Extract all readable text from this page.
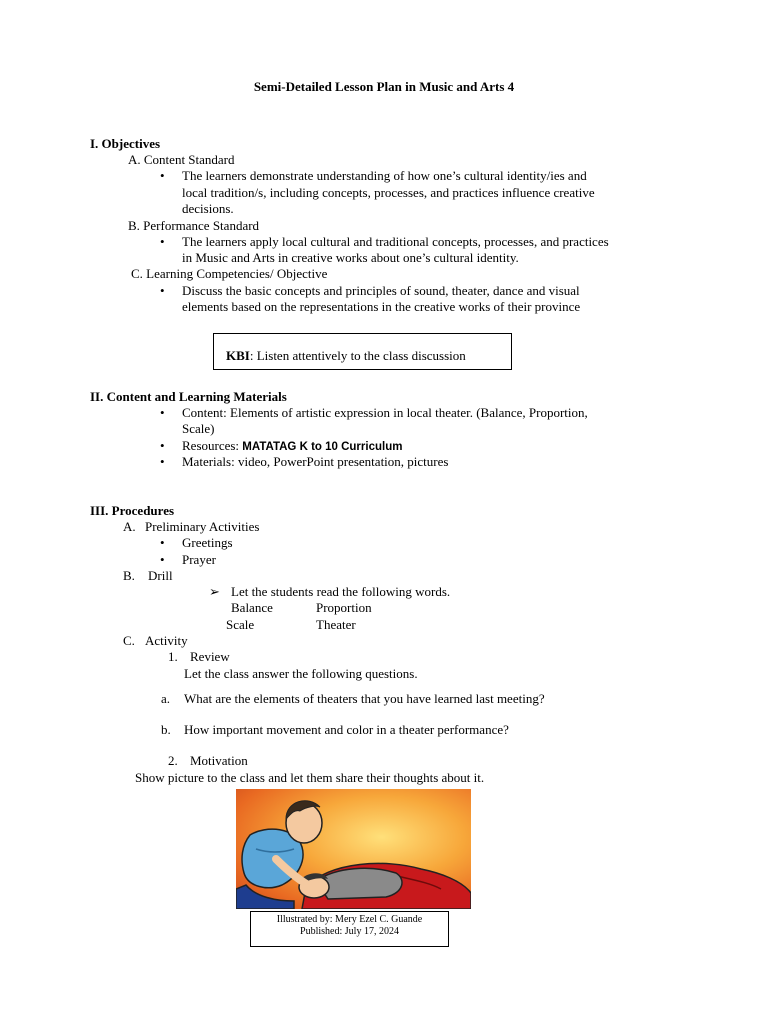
Semi-Detailed Lesson Plan in Music and Arts 4
I. Objectives
A. Content Standard
• The learners demonstrate understanding of how one’s cultural identity/ies and
local tradition/s, including concepts, processes, and practices influence creative
decisions.
B. Performance Standard
• The learners apply local cultural and traditional concepts, processes, and practices
in Music and Arts in creative works about one’s cultural identity.
C. Learning Competencies/ Objective
• Discuss the basic concepts and principles of sound, theater, dance and visual
elements based on the representations in the creative works of their province
KBI: Listen attentively to the class discussion
II. Content and Learning Materials
• Content: Elements of artistic expression in local theater. (Balance, Proportion,
Scale)
• Resources: MATATAG K to 10 Curriculum
• Materials: video, PowerPoint presentation, pictures
III. Procedures
A. Preliminary Activities
• Greetings
• Prayer
B. Drill
➢ Let the students read the following words.
Balance	Proportion
Scale	Theater
C. Activity
1. Review
Let the class answer the following questions.
a. What are the elements of theaters that you have learned last meeting?
b. How important movement and color in a theater performance?
2. Motivation
Show picture to the class and let them share their thoughts about it.
Illustrated by: Mery Ezel C. Guande
Published: July 17, 2024
